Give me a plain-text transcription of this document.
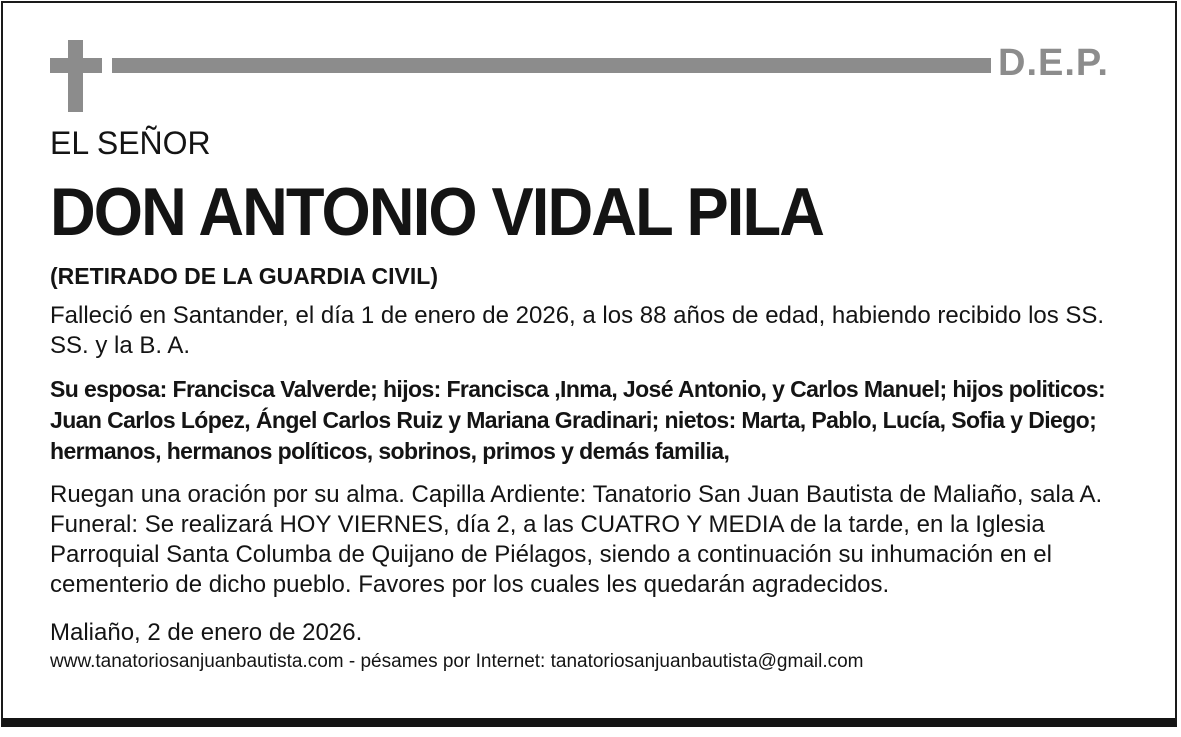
D.E.P.

EL SEÑOR

DON ANTONIO VIDAL PILA

(RETIRADO DE LA GUARDIA CIVIL)

Falleció en Santander, el día 1 de enero de 2026, a los 88 años de edad, habiendo recibido los SS. SS. y la B. A.

Su esposa: Francisca Valverde; hijos: Francisca ,Inma, José Antonio, y Carlos Manuel; hijos politicos: Juan Carlos López, Ángel Carlos Ruiz y Mariana Gradinari; nietos: Marta, Pablo, Lucía, Sofia y Diego; hermanos, hermanos políticos, sobrinos, primos y demás familia,

Ruegan una oración por su alma. Capilla Ardiente: Tanatorio San Juan Bautista de Maliaño, sala A. Funeral: Se realizará HOY VIERNES, día 2, a las CUATRO Y MEDIA de la tarde, en la Iglesia Parroquial Santa Columba de Quijano de Piélagos, siendo a continuación su inhumación en el cementerio de dicho pueblo. Favores por los cuales les quedarán agradecidos.

Maliaño, 2 de enero de 2026.

www.tanatoriosanjuanbautista.com - pésames por Internet: tanatoriosanjuanbautista@gmail.com
